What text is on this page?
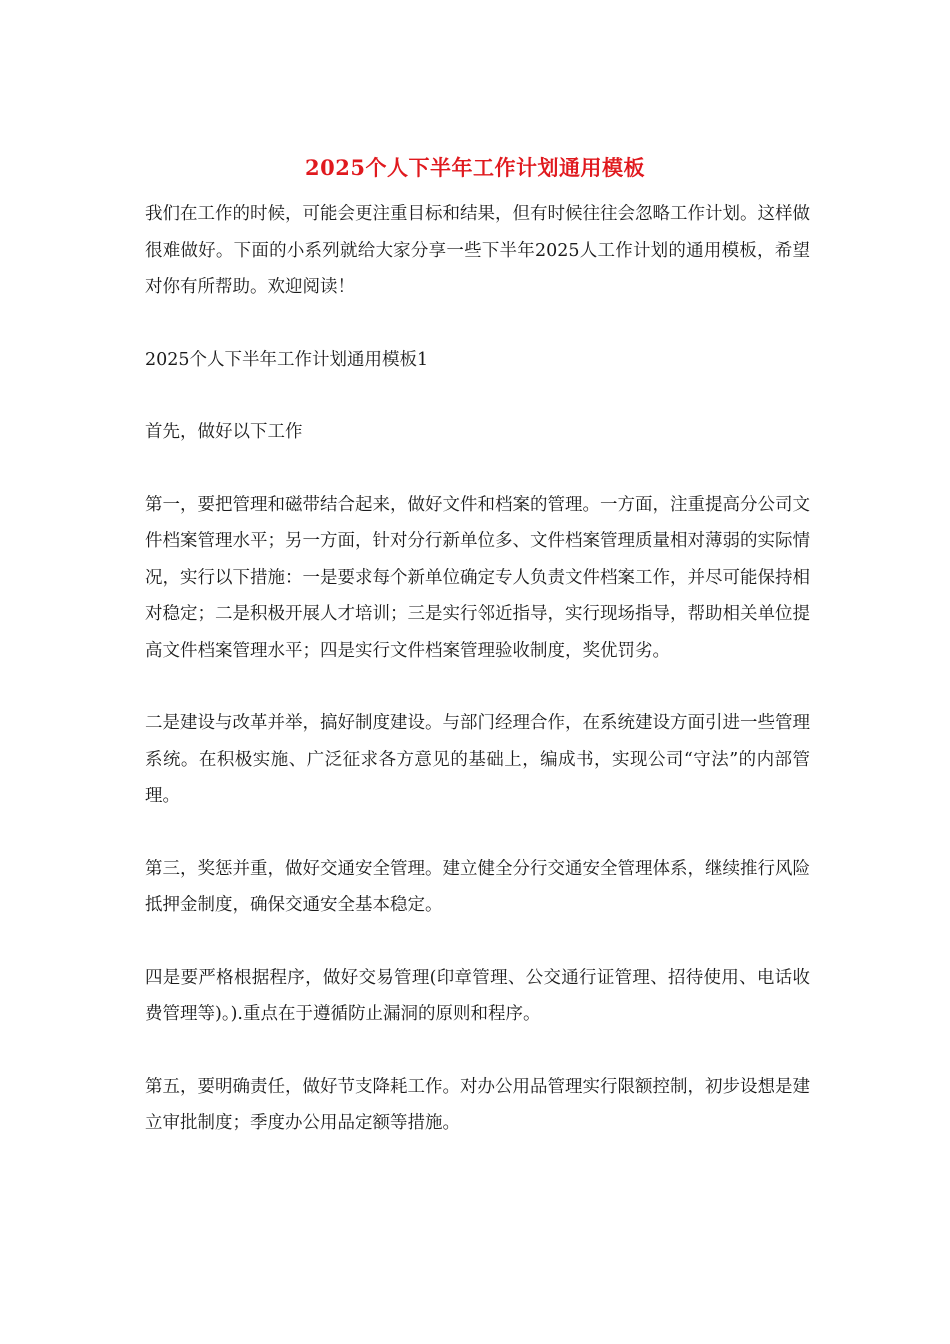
2025个人下半年工作计划通用模板

我们在工作的时候，可能会更注重目标和结果，但有时候往往会忽略工作计划。这样做很难做好。下面的小系列就给大家分享一些下半年2025人工作计划的通用模板，希望对你有所帮助。欢迎阅读！

2025个人下半年工作计划通用模板1

首先，做好以下工作

第一，要把管理和磁带结合起来，做好文件和档案的管理。一方面，注重提高分公司文件档案管理水平；另一方面，针对分行新单位多、文件档案管理质量相对薄弱的实际情况，实行以下措施：一是要求每个新单位确定专人负责文件档案工作，并尽可能保持相对稳定；二是积极开展人才培训；三是实行邻近指导，实行现场指导，帮助相关单位提高文件档案管理水平；四是实行文件档案管理验收制度，奖优罚劣。

二是建设与改革并举，搞好制度建设。与部门经理合作，在系统建设方面引进一些管理系统。在积极实施、广泛征求各方意见的基础上，编成书，实现公司“守法”的内部管理。

第三，奖惩并重，做好交通安全管理。建立健全分行交通安全管理体系，继续推行风险抵押金制度，确保交通安全基本稳定。

四是要严格根据程序，做好交易管理(印章管理、公交通行证管理、招待使用、电话收费管理等)。).重点在于遵循防止漏洞的原则和程序。

第五，要明确责任，做好节支降耗工作。对办公用品管理实行限额控制，初步设想是建立审批制度；季度办公用品定额等措施。
